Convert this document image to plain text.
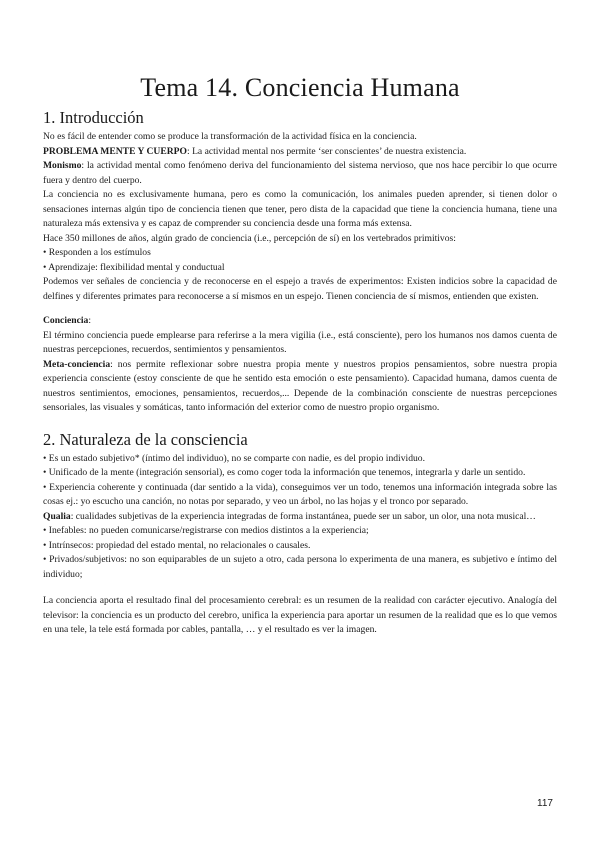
Tema 14. Conciencia Humana
1. Introducción

No es fácil de entender como se produce la transformación de la actividad física en la conciencia.

PROBLEMA MENTE Y CUERPO: La actividad mental nos permite ‘ser conscientes’ de nuestra existencia.

Monismo: la actividad mental como fenómeno deriva del funcionamiento del sistema nervioso, que nos hace percibir lo que ocurre fuera y dentro del cuerpo.

La conciencia no es exclusivamente humana, pero es como la comunicación, los animales pueden aprender, si tienen dolor o sensaciones internas algún tipo de conciencia tienen que tener, pero dista de la capacidad que tiene la conciencia humana, tiene una naturaleza más extensiva y es capaz de comprender su conciencia desde una forma más extensa.

Hace 350 millones de años, algún grado de conciencia (i.e., percepción de sí) en los vertebrados primitivos:

• Responden a los estímulos

• Aprendizaje: flexibilidad mental y conductual

Podemos ver señales de conciencia y de reconocerse en el espejo a través de experimentos: Existen indicios sobre la capacidad de delfines y diferentes primates para reconocerse a sí mismos en un espejo. Tienen conciencia de sí mismos, entienden que existen.

Conciencia:

El término conciencia puede emplearse para referirse a la mera vigilia (i.e., está consciente), pero los humanos nos damos cuenta de nuestras percepciones, recuerdos, sentimientos y pensamientos.

Meta-conciencia: nos permite reflexionar sobre nuestra propia mente y nuestros propios pensamientos, sobre nuestra propia experiencia consciente (estoy consciente de que he sentido esta emoción o este pensamiento). Capacidad humana, damos cuenta de nuestros sentimientos, emociones, pensamientos, recuerdos,... Depende de la combinación consciente de nuestras percepciones sensoriales, las visuales y somáticas, tanto información del exterior como de nuestro propio organismo.

2. Naturaleza de la consciencia

• Es un estado subjetivo* (íntimo del individuo), no se comparte con nadie, es del propio individuo.

• Unificado de la mente (integración sensorial), es como coger toda la información que tenemos, integrarla y darle un sentido.

• Experiencia coherente y continuada (dar sentido a la vida), conseguimos ver un todo, tenemos una información integrada sobre las cosas ej.: yo escucho una canción, no notas por separado, y veo un árbol, no las hojas y el tronco por separado.

Qualia: cualidades subjetivas de la experiencia integradas de forma instantánea, puede ser un sabor, un olor, una nota musical…

• Inefables: no pueden comunicarse/registrarse con medios distintos a la experiencia;

• Intrínsecos: propiedad del estado mental, no relacionales o causales.

• Privados/subjetivos: no son equiparables de un sujeto a otro, cada persona lo experimenta de una manera, es subjetivo e íntimo del individuo;

La conciencia aporta el resultado final del procesamiento cerebral: es un resumen de la realidad con carácter ejecutivo. Analogía del televisor: la conciencia es un producto del cerebro, unifica la experiencia para aportar un resumen de la realidad que es lo que vemos en una tele, la tele está formada por cables, pantalla, … y el resultado es ver la imagen.

117
